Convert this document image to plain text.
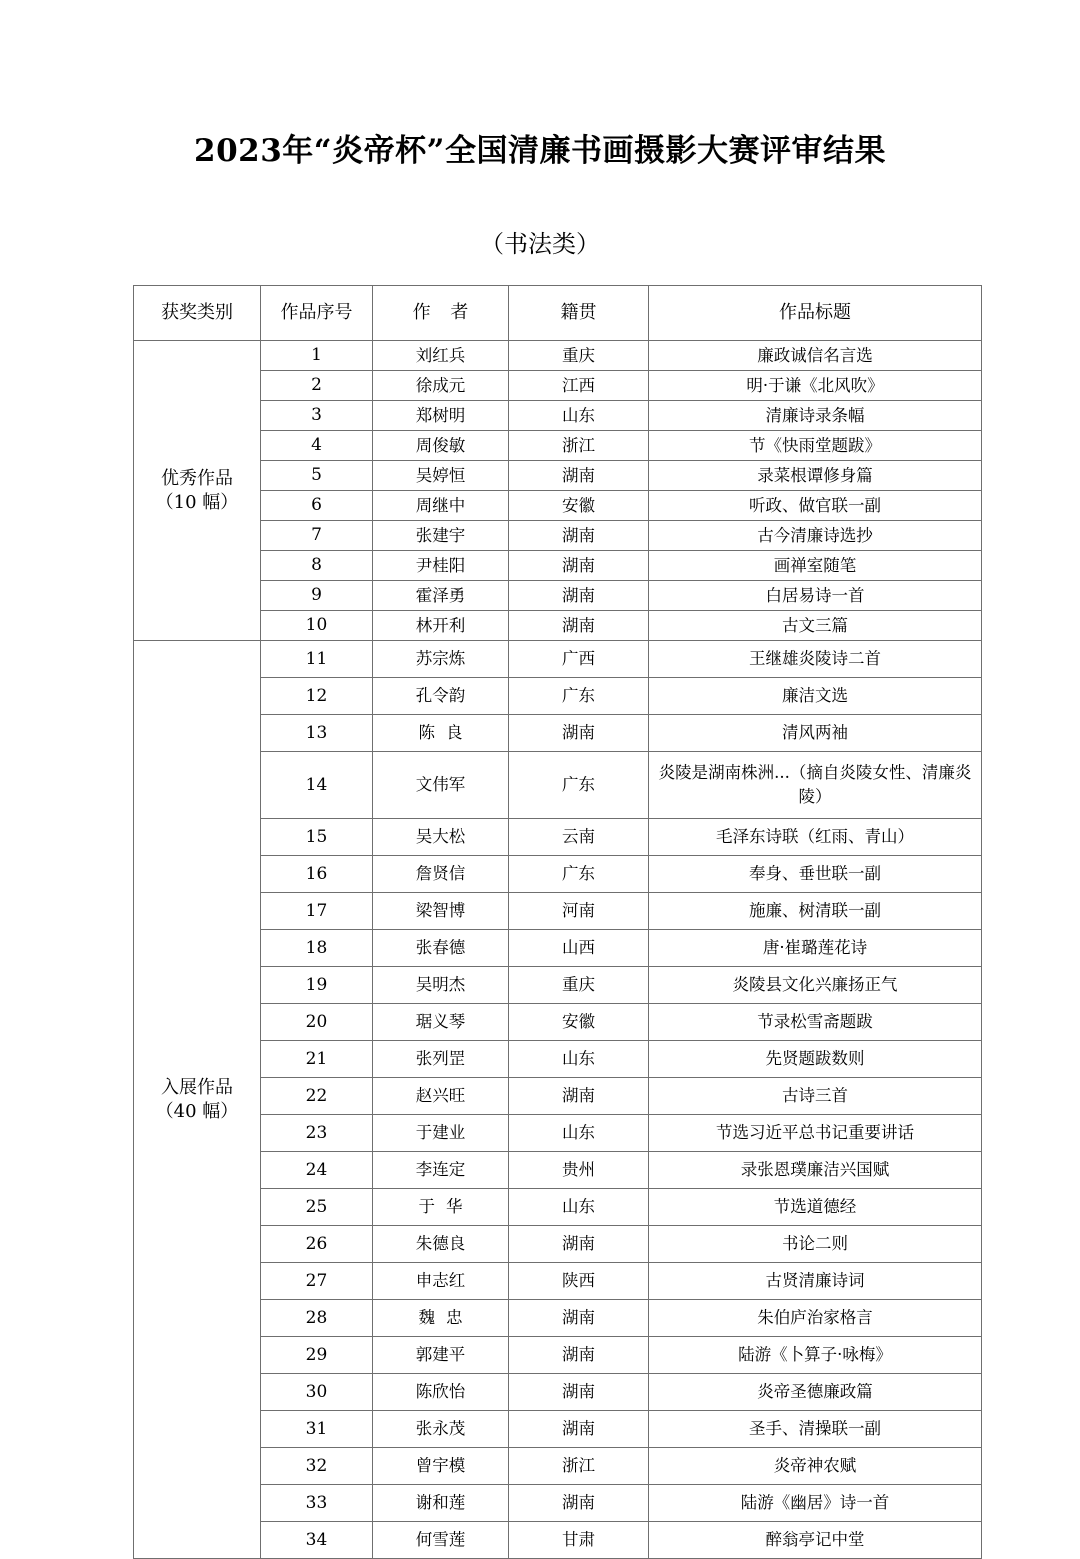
2023年“炎帝杯”全国清廉书画摄影大赛评审结果
（书法类）
获奖类别	作品序号	作 者	籍贯	作品标题
优秀作品
（10 幅）	1	刘红兵	重庆	廉政诚信名言选
	2	徐成元	江西	明·于谦《北风吹》
	3	郑树明	山东	清廉诗录条幅
	4	周俊敏	浙江	节《快雨堂题跋》
	5	吴婷恒	湖南	录菜根谭修身篇
	6	周继中	安徽	听政、做官联一副
	7	张建宇	湖南	古今清廉诗选抄
	8	尹桂阳	湖南	画禅室随笔
	9	霍泽勇	湖南	白居易诗一首
	10	林开利	湖南	古文三篇
入展作品
（40 幅）	11	苏宗炼	广西	王继雄炎陵诗二首
	12	孔令韵	广东	廉洁文选
	13	陈良	湖南	清风两袖
	14	文伟军	广东	炎陵是湖南株洲...（摘自炎陵女性、清廉炎陵）
	15	吴大松	云南	毛泽东诗联（红雨、青山）
	16	詹贤信	广东	奉身、垂世联一副
	17	梁智博	河南	施廉、树清联一副
	18	张春德	山西	唐·崔璐莲花诗
	19	吴明杰	重庆	炎陵县文化兴廉扬正气
	20	琚义琴	安徽	节录松雪斋题跋
	21	张列罡	山东	先贤题跋数则
	22	赵兴旺	湖南	古诗三首
	23	于建业	山东	节选习近平总书记重要讲话
	24	李连定	贵州	录张恩璞廉洁兴国赋
	25	于华	山东	节选道德经
	26	朱德良	湖南	书论二则
	27	申志红	陕西	古贤清廉诗词
	28	魏忠	湖南	朱伯庐治家格言
	29	郭建平	湖南	陆游《卜算子·咏梅》
	30	陈欣怡	湖南	炎帝圣德廉政篇
	31	张永茂	湖南	圣手、清操联一副
	32	曾宇模	浙江	炎帝神农赋
	33	谢和莲	湖南	陆游《幽居》诗一首
	34	何雪莲	甘肃	醉翁亭记中堂
